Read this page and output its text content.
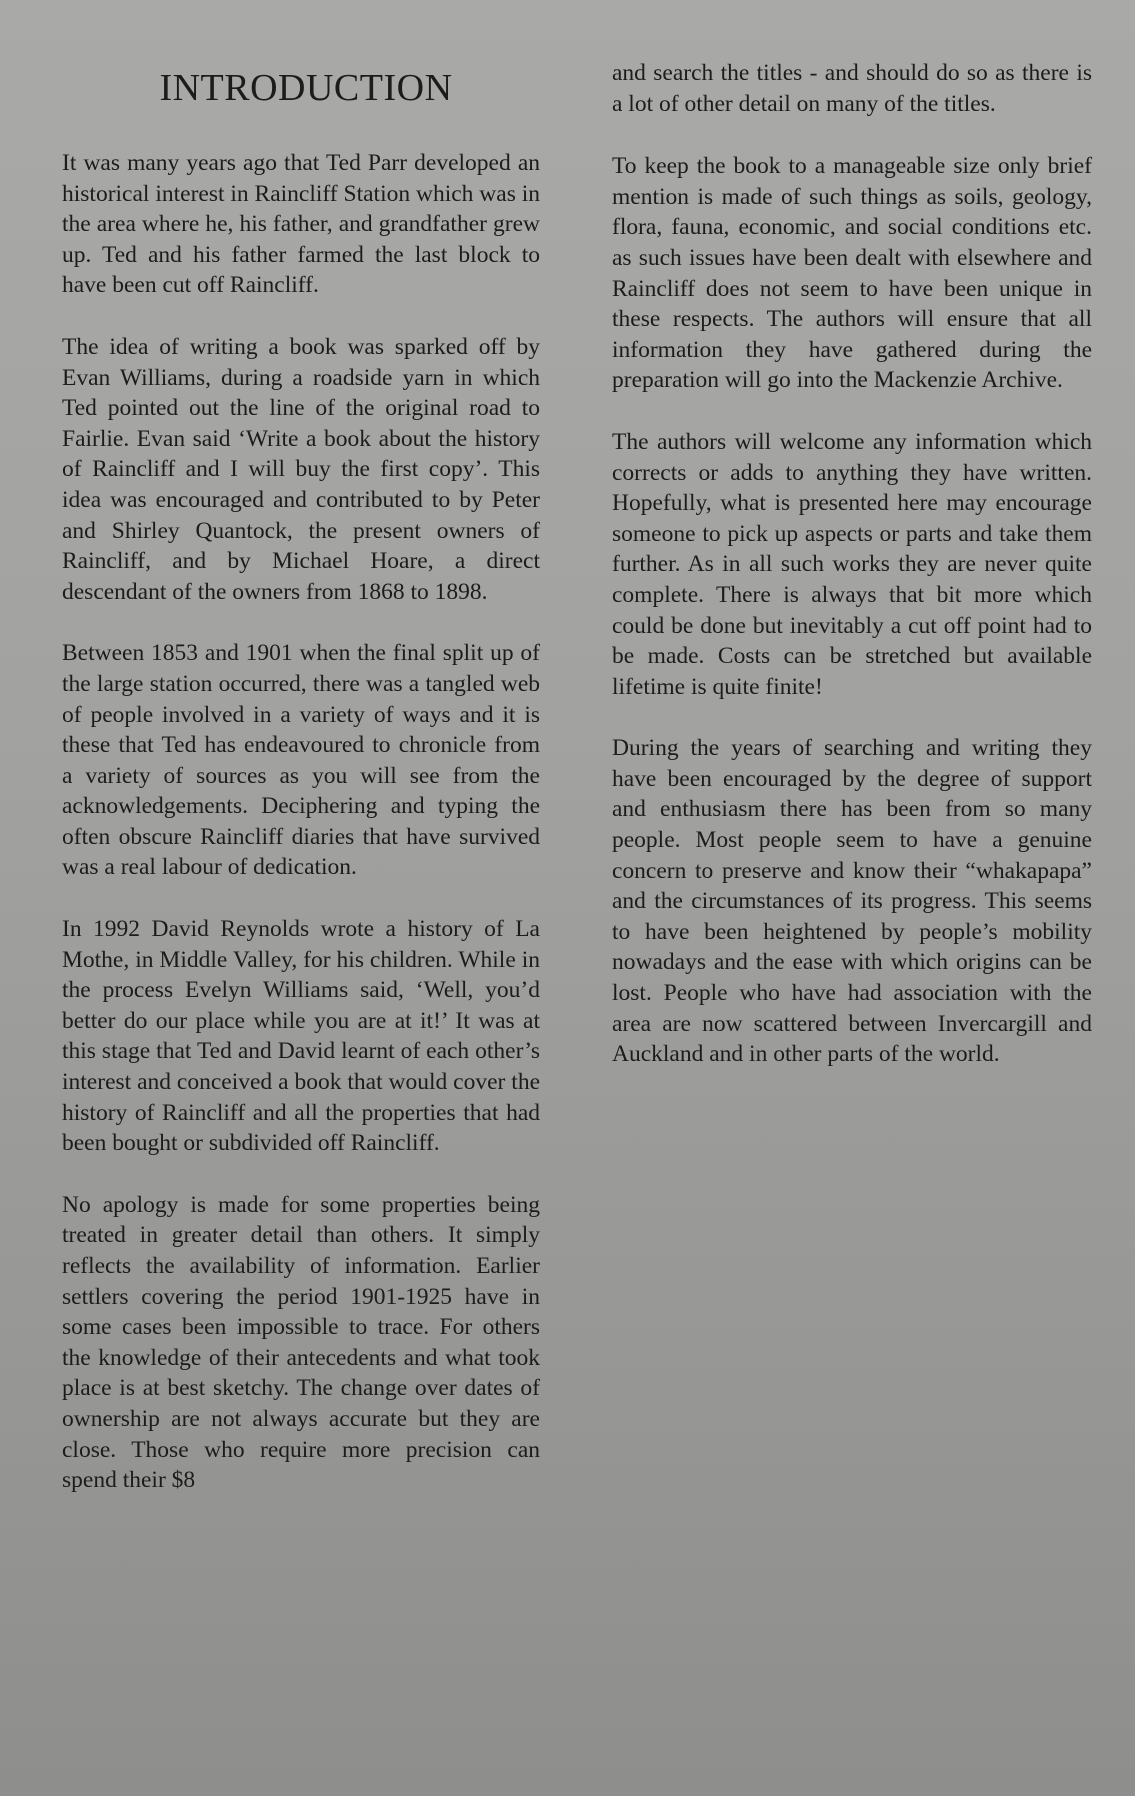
INTRODUCTION

It was many years ago that Ted Parr developed an historical interest in Raincliff Station which was in the area where he, his father, and grandfather grew up. Ted and his father farmed the last block to have been cut off Raincliff.

The idea of writing a book was sparked off by Evan Williams, during a roadside yarn in which Ted pointed out the line of the original road to Fairlie. Evan said ‘Write a book about the history of Raincliff and I will buy the first copy’. This idea was encouraged and contributed to by Peter and Shirley Quantock, the present owners of Raincliff, and by Michael Hoare, a direct descendant of the owners from 1868 to 1898.

Between 1853 and 1901 when the final split up of the large station occurred, there was a tangled web of people involved in a variety of ways and it is these that Ted has endeavoured to chronicle from a variety of sources as you will see from the acknowledgements. Deciphering and typing the often obscure Raincliff diaries that have survived was a real labour of dedication.

In 1992 David Reynolds wrote a history of La Mothe, in Middle Valley, for his children. While in the process Evelyn Williams said, ‘Well, you’d better do our place while you are at it!’ It was at this stage that Ted and David learnt of each other’s interest and conceived a book that would cover the history of Raincliff and all the properties that had been bought or subdivided off Raincliff.

No apology is made for some properties being treated in greater detail than others. It simply reflects the availability of information. Earlier settlers covering the period 1901-1925 have in some cases been impossible to trace. For others the knowledge of their antecedents and what took place is at best sketchy. The change over dates of ownership are not always accurate but they are close. Those who require more precision can spend their $8

and search the titles - and should do so as there is a lot of other detail on many of the titles.

To keep the book to a manageable size only brief mention is made of such things as soils, geology, flora, fauna, economic, and social conditions etc. as such issues have been dealt with elsewhere and Raincliff does not seem to have been unique in these respects. The authors will ensure that all information they have gathered during the preparation will go into the Mackenzie Archive.

The authors will welcome any information which corrects or adds to anything they have written. Hopefully, what is presented here may encourage someone to pick up aspects or parts and take them further. As in all such works they are never quite complete. There is always that bit more which could be done but inevitably a cut off point had to be made. Costs can be stretched but available lifetime is quite finite!

During the years of searching and writing they have been encouraged by the degree of support and enthusiasm there has been from so many people. Most people seem to have a genuine concern to preserve and know their “whakapapa” and the circumstances of its progress. This seems to have been heightened by people’s mobility nowadays and the ease with which origins can be lost. People who have had association with the area are now scattered between Invercargill and Auckland and in other parts of the world.
